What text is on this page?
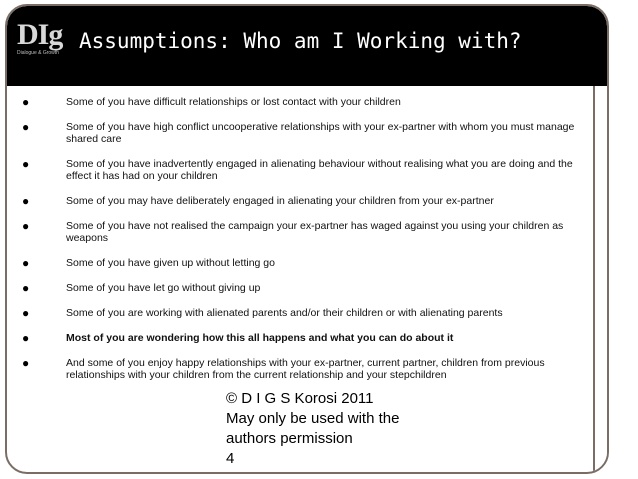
DIg
Dialogue & Growth Assumptions: Who am I Working with?
●	Some of you have difficult relationships or lost contact with your children
●	Some of you have high conflict uncooperative relationships with your ex-partner with whom you must manage shared care
●	Some of you have inadvertently engaged in alienating behaviour without realising what you are doing and the effect it has had on your children
●	Some of you may have deliberately engaged in alienating your children from your ex-partner
●	Some of you have not realised the campaign your ex-partner has waged against you using your children as weapons
●	Some of you have given up without letting go
●	Some of you have let go without giving up
●	Some of you are working with alienated parents and/or their children or with alienating parents
●	Most of you are wondering how this all happens and what you can do about it
●	And some of you enjoy happy relationships with your ex-partner, current partner, children from previous relationships with your children from the current relationship and your stepchildren
© D I G S Korosi 2011
May only be used with the
authors permission
4
